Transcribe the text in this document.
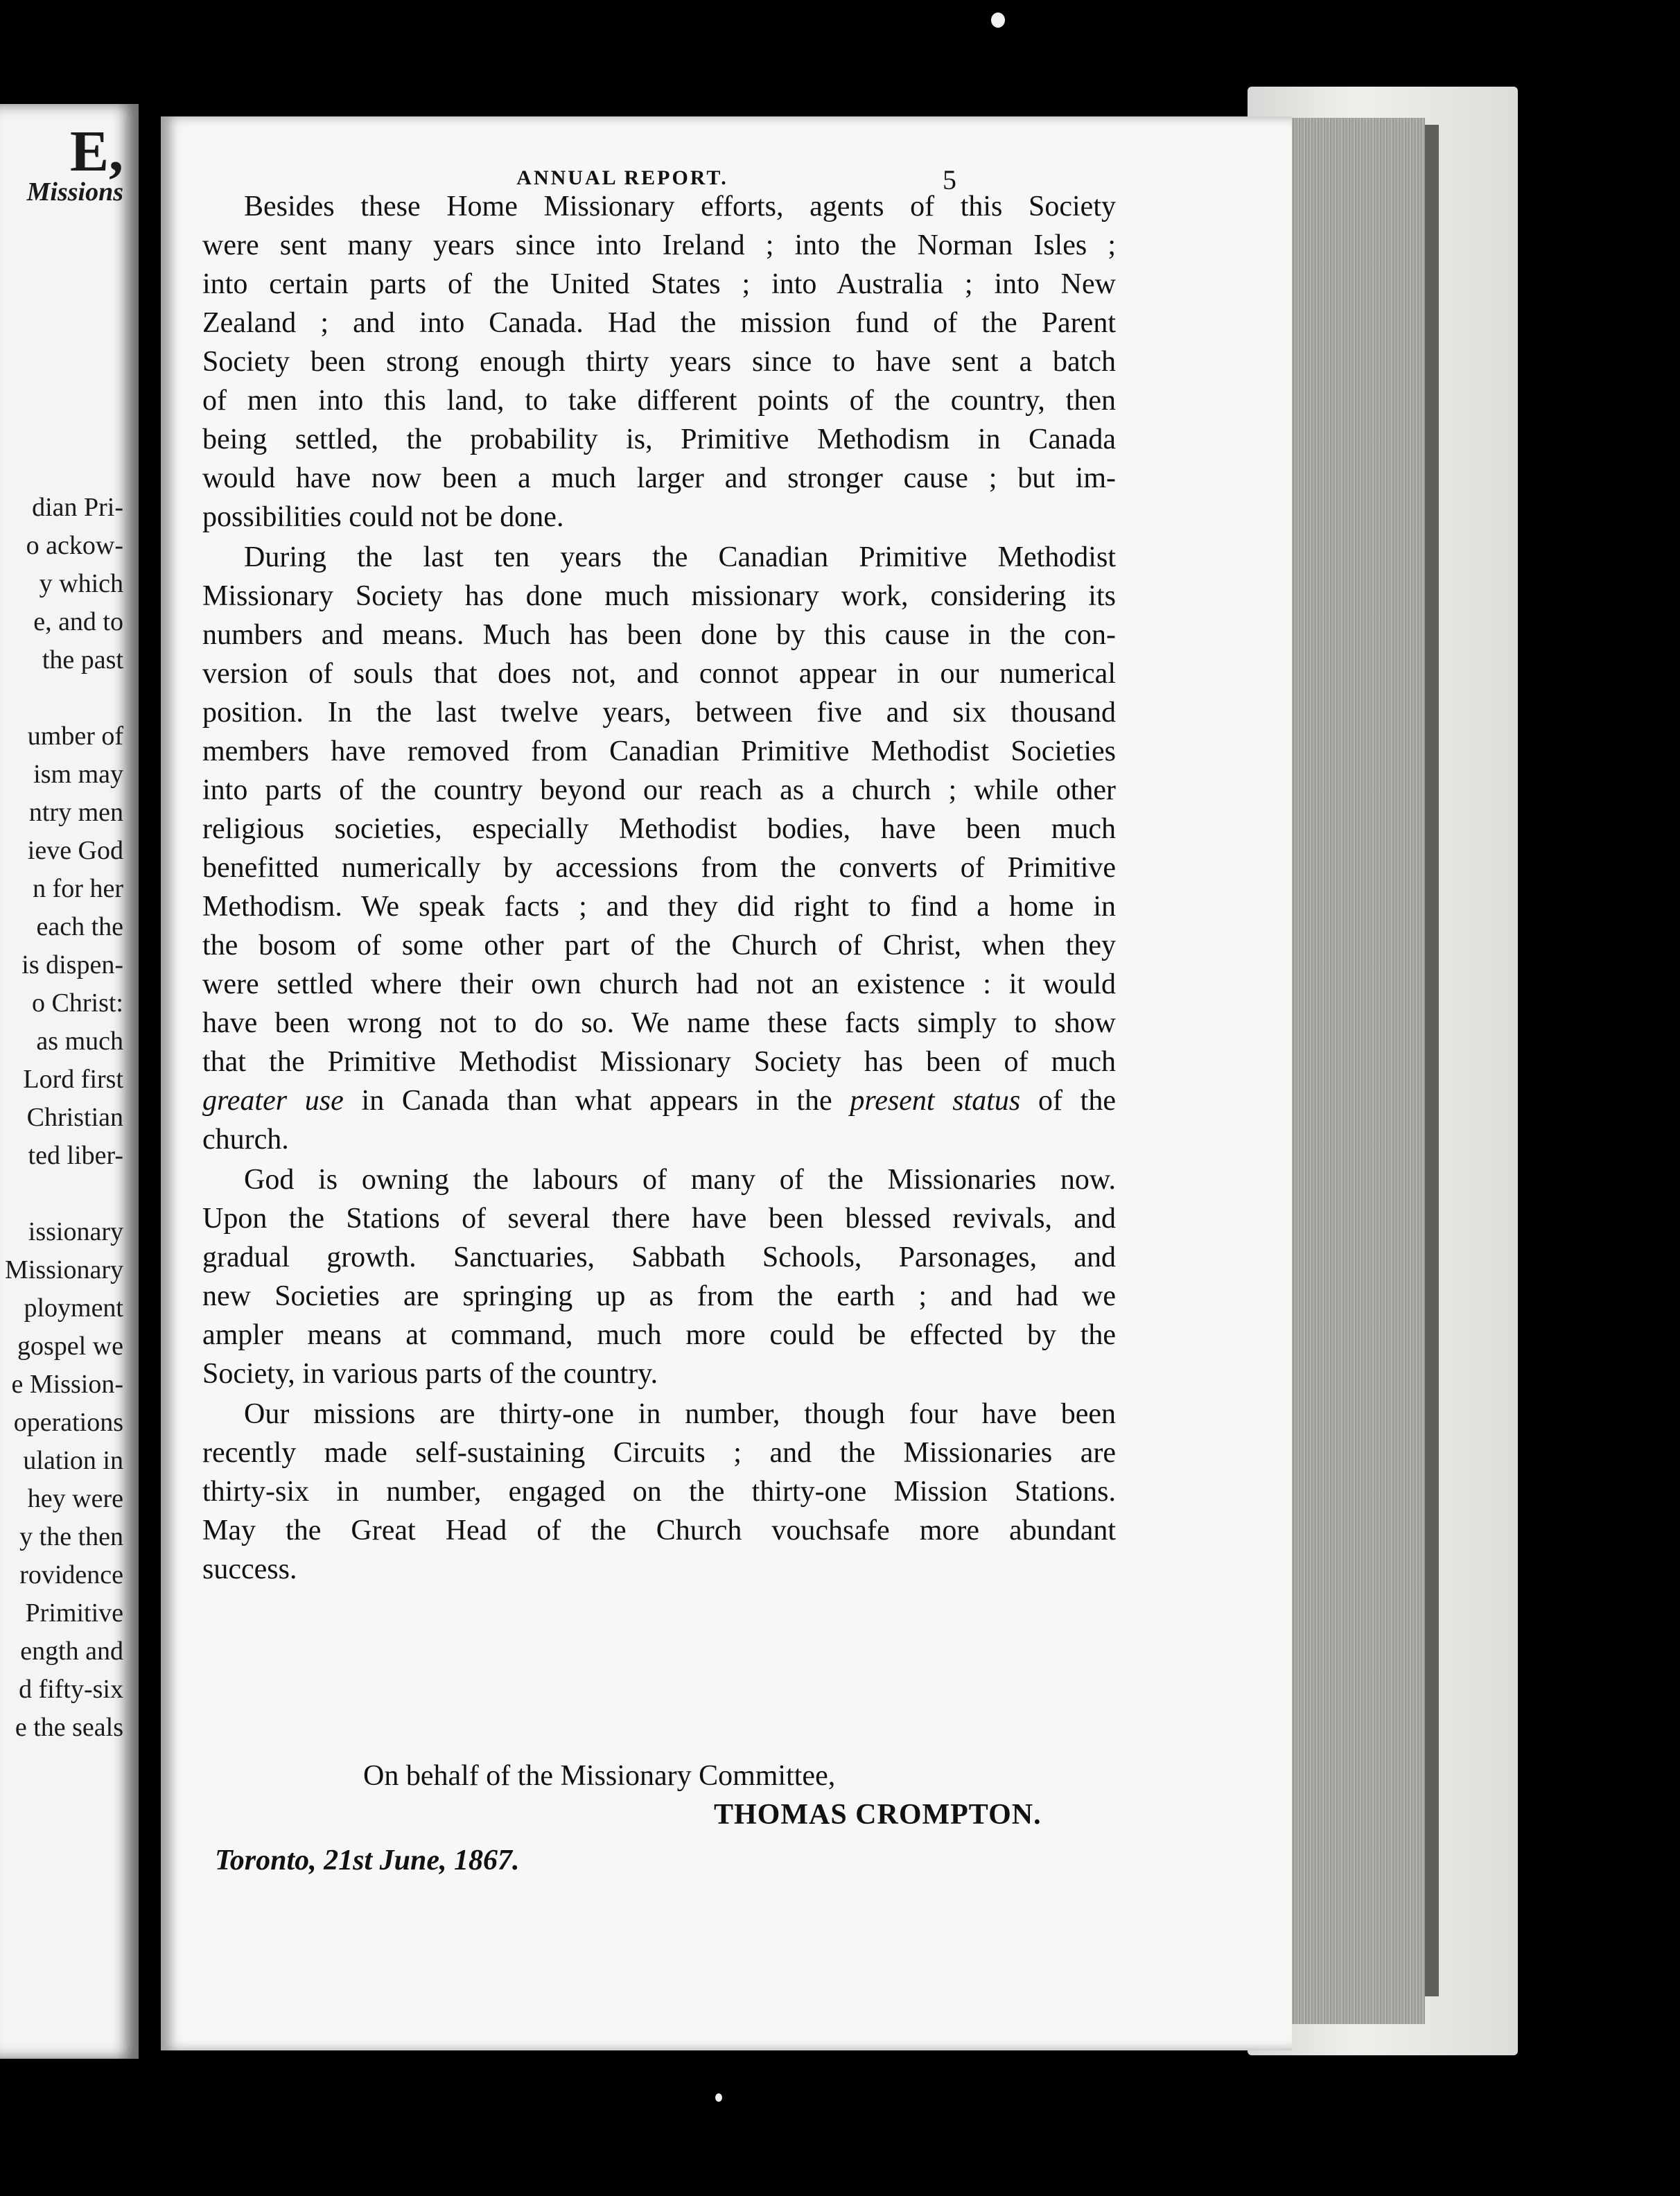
E,
Missions
dian Pri-
o ackow-
y which
e, and to
the past
umber of
ism may
ntry men
ieve God
n for her
each the
is dispen-
o Christ:
as much
Lord first
Christian
ted liber-
issionary
Missionary
ployment
gospel we
e Mission-
operations
ulation in
hey were
y the then
rovidence
Primitive
ength and
d fifty-six
e the seals
ANNUAL REPORT.	5
Besides these Home Missionary efforts, agents of this Society
were sent many years since into Ireland ; into the Norman Isles ;
into certain parts of the United States ; into Australia ; into New
Zealand ; and into Canada. Had the mission fund of the Parent
Society been strong enough thirty years since to have sent a batch
of men into this land, to take different points of the country, then
being settled, the probability is, Primitive Methodism in Canada
would have now been a much larger and stronger cause ; but im-
possibilities could not be done.
During the last ten years the Canadian Primitive Methodist
Missionary Society has done much missionary work, considering its
numbers and means. Much has been done by this cause in the con-
version of souls that does not, and connot appear in our numerical
position. In the last twelve years, between five and six thousand
members have removed from Canadian Primitive Methodist Societies
into parts of the country beyond our reach as a church ; while other
religious societies, especially Methodist bodies, have been much
benefitted numerically by accessions from the converts of Primitive
Methodism. We speak facts ; and they did right to find a home in
the bosom of some other part of the Church of Christ, when they
were settled where their own church had not an existence : it would
have been wrong not to do so. We name these facts simply to show
that the Primitive Methodist Missionary Society has been of much
greater use in Canada than what appears in the present status of the
church.
God is owning the labours of many of the Missionaries now.
Upon the Stations of several there have been blessed revivals, and
gradual growth. Sanctuaries, Sabbath Schools, Parsonages, and
new Societies are springing up as from the earth ; and had we
ampler means at command, much more could be effected by the
Society, in various parts of the country.
Our missions are thirty-one in number, though four have been
recently made self-sustaining Circuits ; and the Missionaries are
thirty-six in number, engaged on the thirty-one Mission Stations.
May the Great Head of the Church vouchsafe more abundant
success.
On behalf of the Missionary Committee,
THOMAS CROMPTON.
Toronto, 21st June, 1867.
